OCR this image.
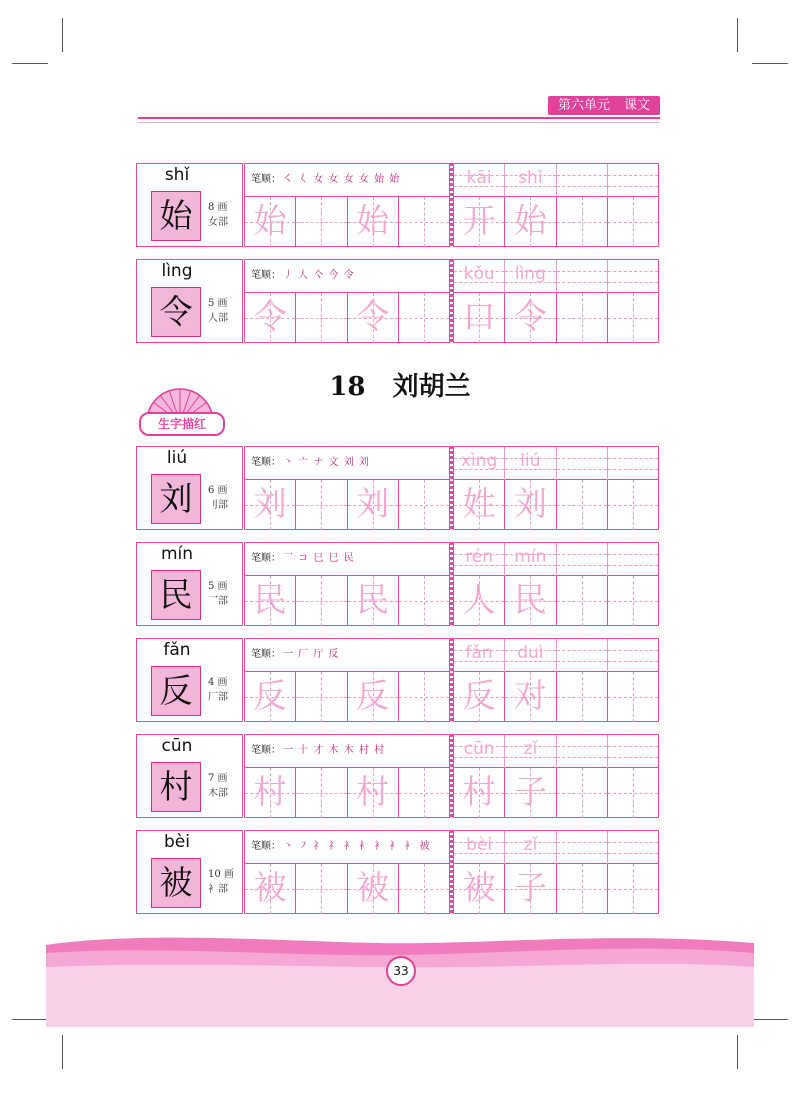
第六单元 课文
shǐ
始	8 画
女部
笔顺： ㇛ 𡿨 女 女 女 女 始 始
始 始
kāi	shǐ
开 始
lìng
令	5 画
人部
笔顺： 丿 人 亽 今 令
令 令
kǒu	lìng
口 令
18 刘胡兰
生字描红
liú
刘	6 画
刂部
笔顺： 丶 亠 ナ 文 刘 刘
刘 刘
xìng	liú
姓 刘
mín
民	5 画
乛部
笔顺： 乛 コ 巳 巳 民
民 民
rén	mín
人 民
fǎn
反	4 画
厂部
笔顺： 一 厂 厅 反
反 反
fǎn	duì
反 对
cūn
村	7 画
木部
笔顺： 一 十 才 木 木 村 村
村 村
cūn	zǐ
村 子
bèi
被	10 画
衤部
笔顺： 丶 ㇇ 礻 礻 衤 衤 衤 衤 衤 被
被 被
bèi	zǐ
被 子
33
